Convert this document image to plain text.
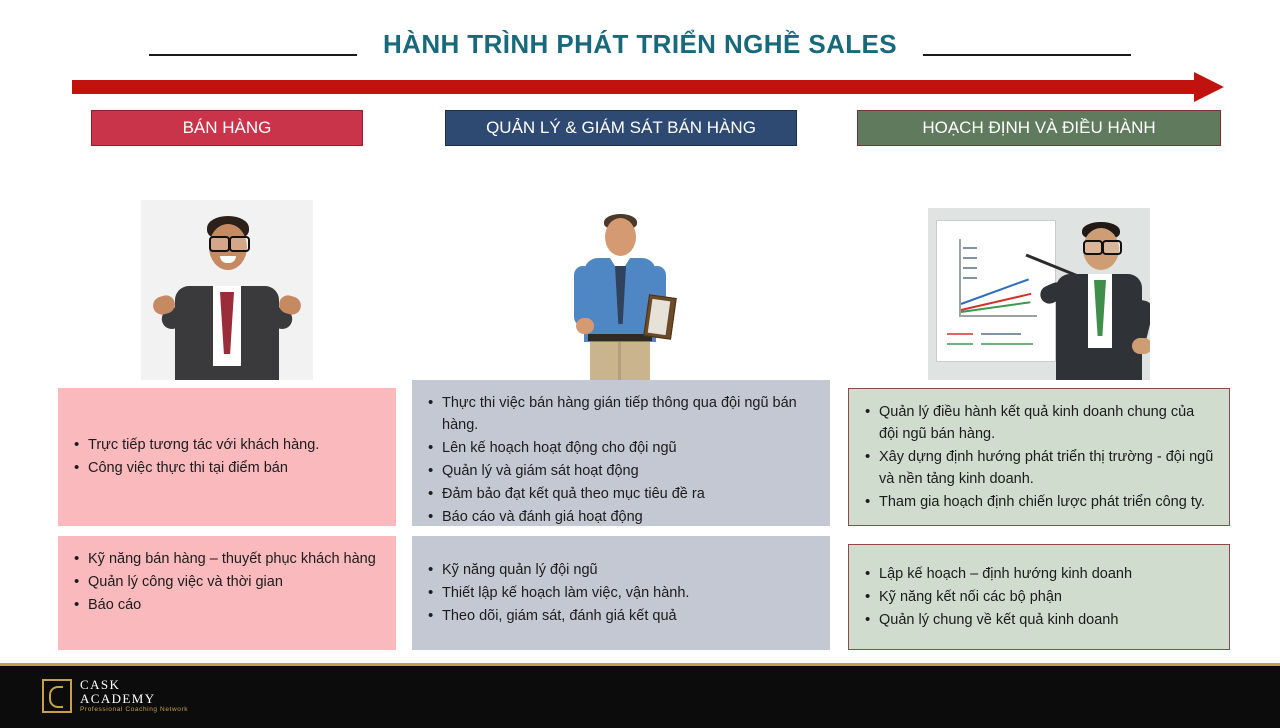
HÀNH TRÌNH PHÁT TRIỂN NGHỀ SALES
BÁN HÀNG
• Trực tiếp tương tác với khách hàng.
• Công việc thực thi tại điểm bán
• Kỹ năng bán hàng – thuyết phục khách hàng
• Quản lý công việc và thời gian
• Báo cáo
QUẢN LÝ & GIÁM SÁT BÁN HÀNG
• Thực thi việc bán hàng gián tiếp thông qua đội ngũ bán hàng.
• Lên kế hoạch hoạt động cho đội ngũ
• Quản lý và giám sát hoạt động
• Đảm bảo đạt kết quả theo mục tiêu đề ra
• Báo cáo và đánh giá hoạt động
• Kỹ năng quản lý đội ngũ
• Thiết lập kế hoạch làm việc, vận hành.
• Theo dõi, giám sát, đánh giá kết quả
HOẠCH ĐỊNH VÀ ĐIỀU HÀNH
• Quản lý điều hành kết quả kinh doanh chung của đội ngũ bán hàng.
• Xây dựng định hướng phát triển thị trường - đội ngũ và nền tảng kinh doanh.
• Tham gia hoạch định chiến lược phát triển công ty.
• Lập kế hoạch – định hướng kinh doanh
• Kỹ năng kết nối các bộ phận
• Quản lý chung về kết quả kinh doanh
CASK
ACADEMY
Professional Coaching Network
